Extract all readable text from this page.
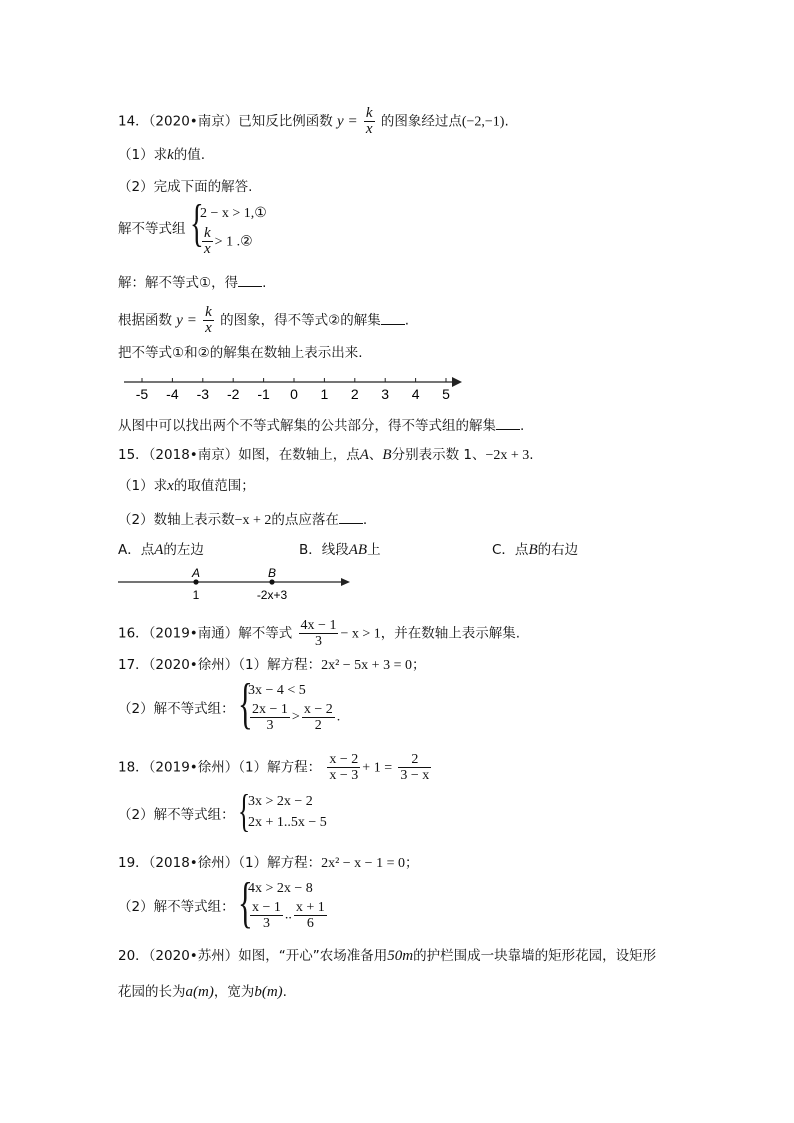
14．（2020•南京）已知反比例函数 $y = \frac{k}{x}$ 的图象经过点(−2,−1).
（1）求k的值.
（2）完成下面的解答.
解不等式组 {
2 − x > 1,①
$\frac{k}{x} > 1$ .②
解：解不等式①，得 .
根据函数 $y = \frac{k}{x}$ 的图象，得不等式②的解集 .
把不等式①和②的解集在数轴上表示出来.
-5 -4 -3 -2 -1 0 1 2 3 4 5
从图中可以找出两个不等式解集的公共部分，得不等式组的解集 .
15．（2018•南京）如图，在数轴上，点A、B分别表示数 1、−2x + 3.
（1）求x的取值范围；
（2）数轴上表示数−x + 2的点应落在 .
A．点A的左边	B．线段AB上	C．点B的右边
A	B
1	-2x+3
16．（2019•南通）解不等式 $\frac{4x - 1}{3} - x > 1$，并在数轴上表示解集.
17．（2020•徐州）（1）解方程：2x² − 5x + 3 = 0；
（2）解不等式组： {
3x − 4 < 5
$\frac{2x - 1}{3} > \frac{x - 2}{2}$ .
18．（2019•徐州）（1）解方程： $\frac{x - 2}{x - 3} + 1 = \frac{2}{3 - x}$
（2）解不等式组： {
3x > 2x − 2
2x + 1..5x − 5
19．（2018•徐州）（1）解方程：2x² − x − 1 = 0；
（2）解不等式组： {
4x > 2x − 8
$\frac{x - 1}{3}$ .. $\frac{x + 1}{6}$
20．（2020•苏州）如图，“开心”农场准备用50m的护栏围成一块靠墙的矩形花园，设矩形
花园的长为a(m)，宽为b(m).
